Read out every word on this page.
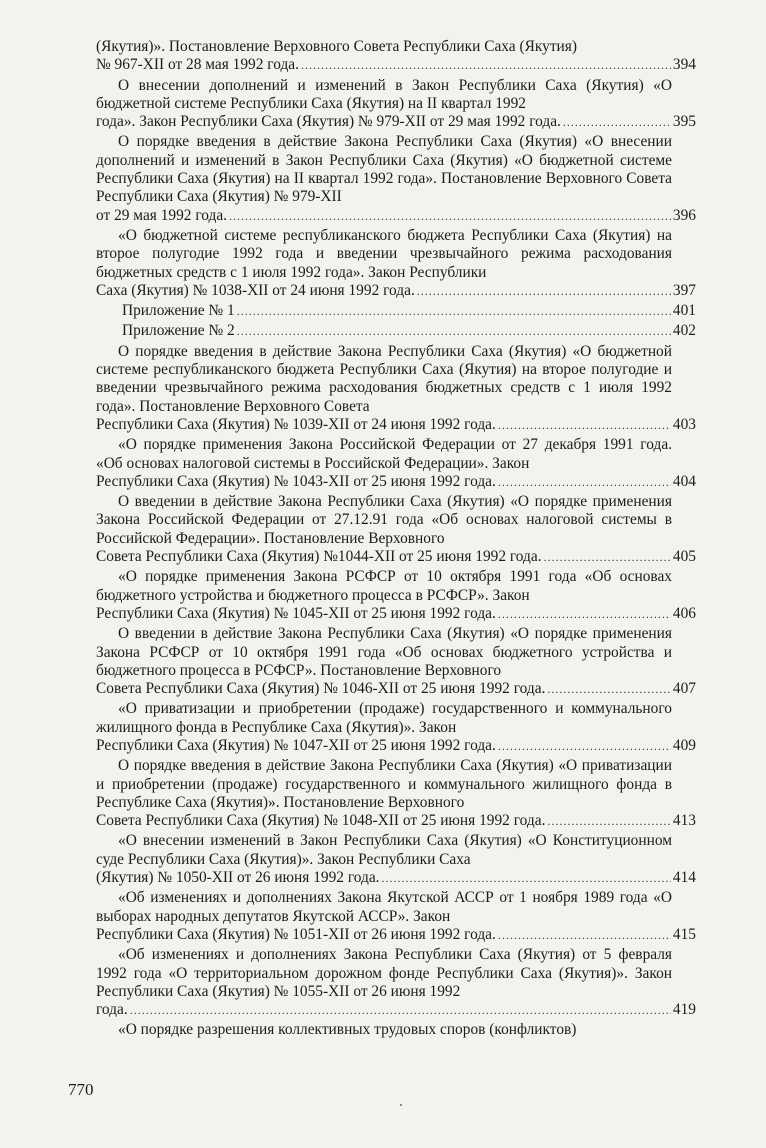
(Якутия)». Постановление Верховного Совета Республики Саха (Якутия)
№ 967-XII от 28 мая 1992 года. .....	394
О внесении дополнений и изменений в Закон Республики Саха (Якутия) «О бюджетной системе Республики Саха (Якутия) на II квартал 1992
года». Закон Республики Саха (Якутия) № 979-XII от 29 мая 1992 года. .....	395
О порядке введения в действие Закона Республики Саха (Якутия) «О внесении дополнений и изменений в Закон Республики Саха (Якутия) «О бюджетной системе Республики Саха (Якутия) на II квартал 1992 года». Постановление Верховного Совета Республики Саха (Якутия) № 979-XII
от 29 мая 1992 года. .....	396
«О бюджетной системе республиканского бюджета Республики Саха (Якутия) на второе полугодие 1992 года и введении чрезвычайного режима расходования бюджетных средств с 1 июля 1992 года». Закон Республики
Саха (Якутия) № 1038-XII от 24 июня 1992 года. .....	397
Приложение № 1 .....	401
Приложение № 2 .....	402
О порядке введения в действие Закона Республики Саха (Якутия) «О бюджетной системе республиканского бюджета Республики Саха (Якутия) на второе полугодие и введении чрезвычайного режима расходования бюджетных средств с 1 июля 1992 года». Постановление Верховного Совета
Республики Саха (Якутия) № 1039-XII от 24 июня 1992 года. .....	403
«О порядке применения Закона Российской Федерации от 27 декабря 1991 года. «Об основах налоговой системы в Российской Федерации». Закон
Республики Саха (Якутия) № 1043-XII от 25 июня 1992 года. .....	404
О введении в действие Закона Республики Саха (Якутия) «О порядке применения Закона Российской Федерации от 27.12.91 года «Об основах налоговой системы в Российской Федерации». Постановление Верховного
Совета Республики Саха (Якутия) №1044-XII от 25 июня 1992 года. .....	405
«О порядке применения Закона РСФСР от 10 октября 1991 года «Об основах бюджетного устройства и бюджетного процесса в РСФСР». Закон
Республики Саха (Якутия) № 1045-XII от 25 июня 1992 года. .....	406
О введении в действие Закона Республики Саха (Якутия) «О порядке применения Закона РСФСР от 10 октября 1991 года «Об основах бюджетного устройства и бюджетного процесса в РСФСР». Постановление Верховного
Совета Республики Саха (Якутия) № 1046-XII от 25 июня 1992 года. .....	407
«О приватизации и приобретении (продаже) государственного и коммунального жилищного фонда в Республике Саха (Якутия)». Закон
Республики Саха (Якутия) № 1047-XII от 25 июня 1992 года. .....	409
О порядке введения в действие Закона Республики Саха (Якутия) «О приватизации и приобретении (продаже) государственного и коммунального жилищного фонда в Республике Саха (Якутия)». Постановление Верховного
Совета Республики Саха (Якутия) № 1048-XII от 25 июня 1992 года. .....	413
«О внесении изменений в Закон Республики Саха (Якутия) «О Конституционном суде Республики Саха (Якутия)». Закон Республики Саха
(Якутия) № 1050-XII от 26 июня 1992 года. .....	414
«Об изменениях и дополнениях Закона Якутской АССР от 1 ноября 1989 года «О выборах народных депутатов Якутской АССР». Закон
Республики Саха (Якутия) № 1051-XII от 26 июня 1992 года. .....	415
«Об изменениях и дополнениях Закона Республики Саха (Якутия) от 5 февраля 1992 года «О территориальном дорожном фонде Республики Саха (Якутия)». Закон Республики Саха (Якутия) № 1055-XII от 26 июня 1992
года. .....	419
«О порядке разрешения коллективных трудовых споров (конфликтов)
770
